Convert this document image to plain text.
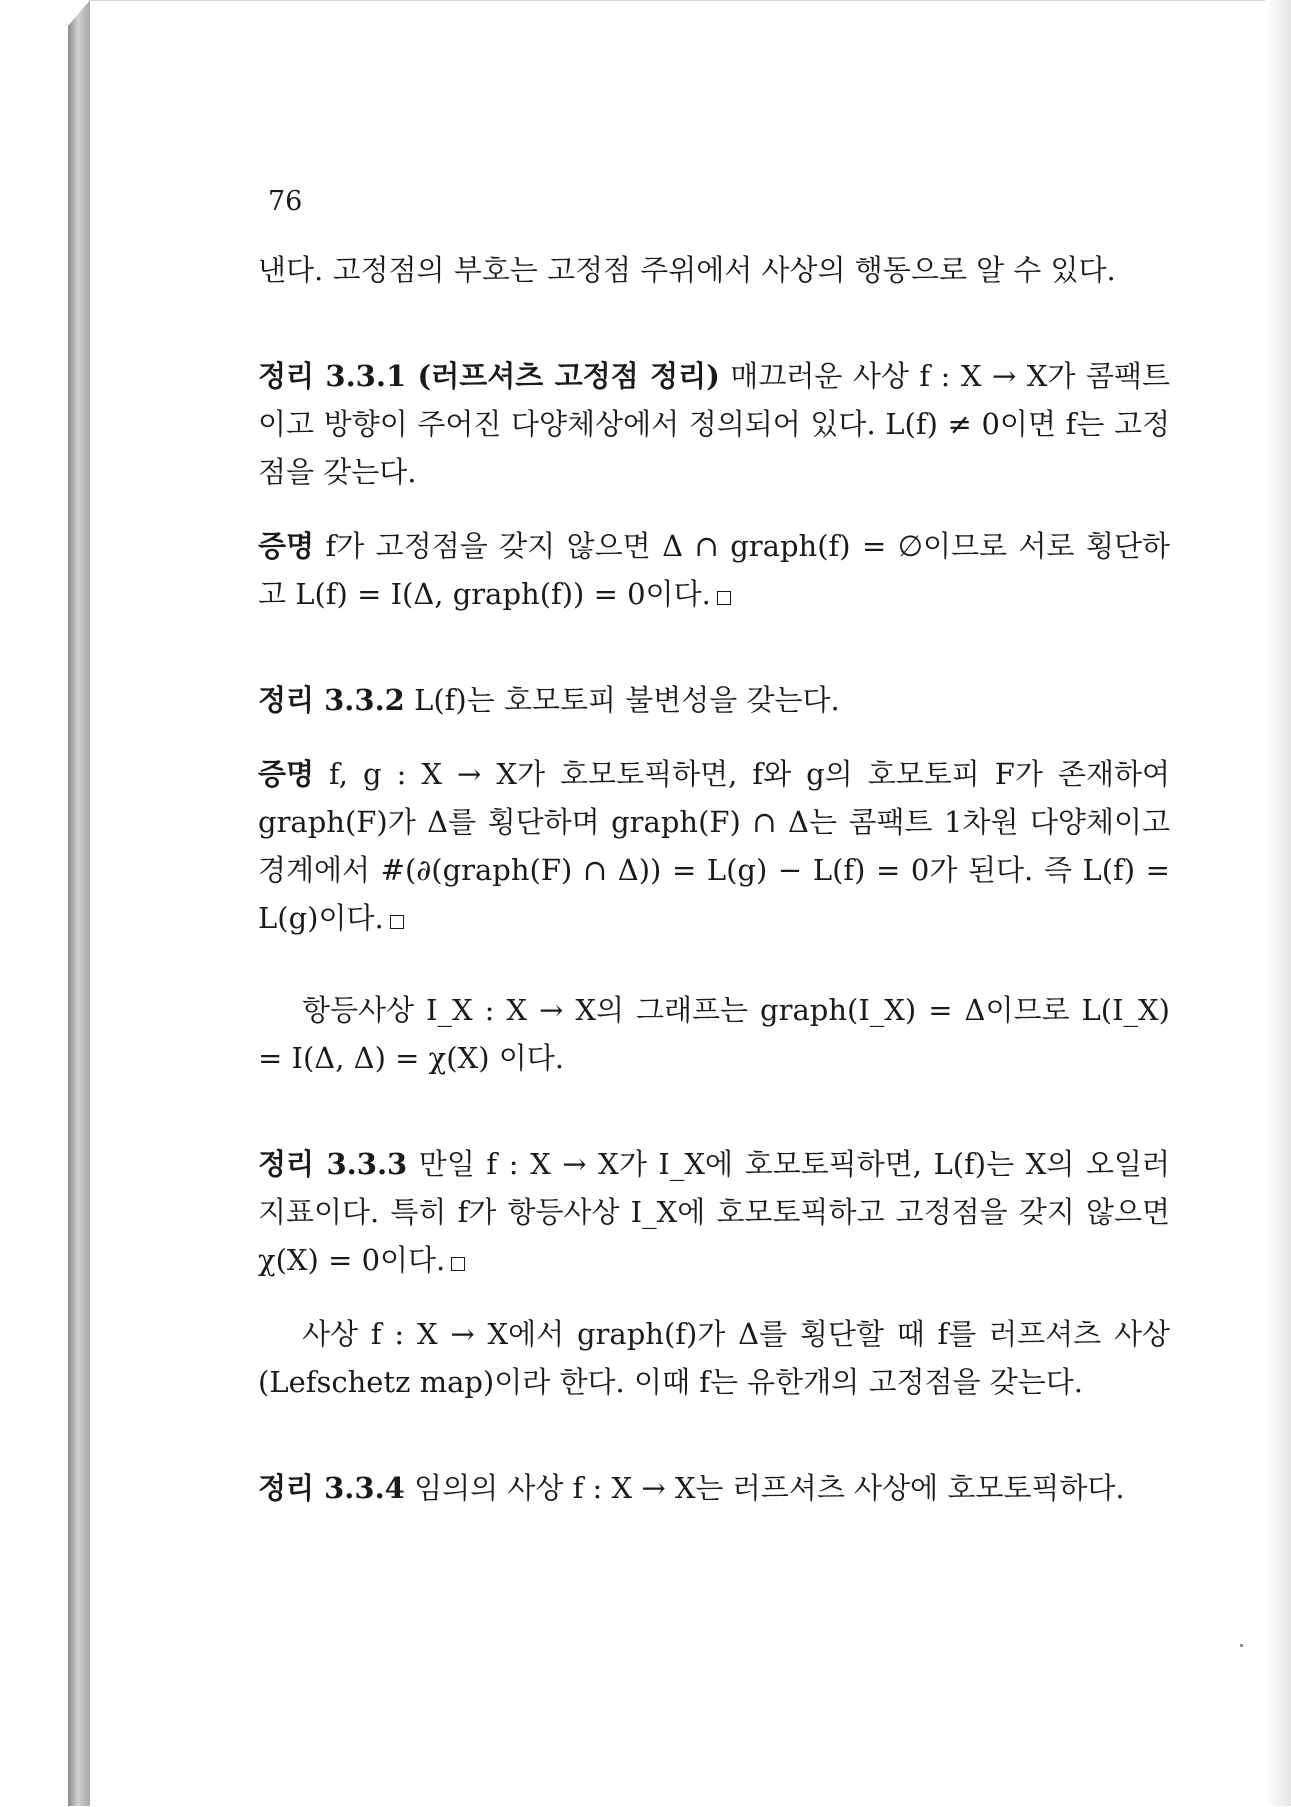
76

낸다. 고정점의 부호는 고정점 주위에서 사상의 행동으로 알 수 있다.

정리 3.3.1 (러프셔츠 고정점 정리) 매끄러운 사상 f : X → X가 콤팩트이고 방향이 주어진 다양체상에서 정의되어 있다. L(f) ≠ 0이면 f는 고정점을 갖는다.

증명 f가 고정점을 갖지 않으면 Δ ∩ graph(f) = ∅이므로 서로 횡단하고 L(f) = I(Δ, graph(f)) = 0이다.

정리 3.3.2 L(f)는 호모토피 불변성을 갖는다.

증명 f, g : X → X가 호모토픽하면, f와 g의 호모토피 F가 존재하여 graph(F)가 Δ를 횡단하며 graph(F) ∩ Δ는 콤팩트 1차원 다양체이고 경계에서 #(∂(graph(F) ∩ Δ)) = L(g) − L(f) = 0가 된다. 즉 L(f) = L(g)이다.

항등사상 I_X : X → X의 그래프는 graph(I_X) = Δ이므로 L(I_X) = I(Δ, Δ) = χ(X) 이다.

정리 3.3.3 만일 f : X → X가 I_X에 호모토픽하면, L(f)는 X의 오일러 지표이다. 특히 f가 항등사상 I_X에 호모토픽하고 고정점을 갖지 않으면 χ(X) = 0이다.

사상 f : X → X에서 graph(f)가 Δ를 횡단할 때 f를 러프셔츠 사상(Lefschetz map)이라 한다. 이때 f는 유한개의 고정점을 갖는다.

정리 3.3.4 임의의 사상 f : X → X는 러프셔츠 사상에 호모토픽하다.
